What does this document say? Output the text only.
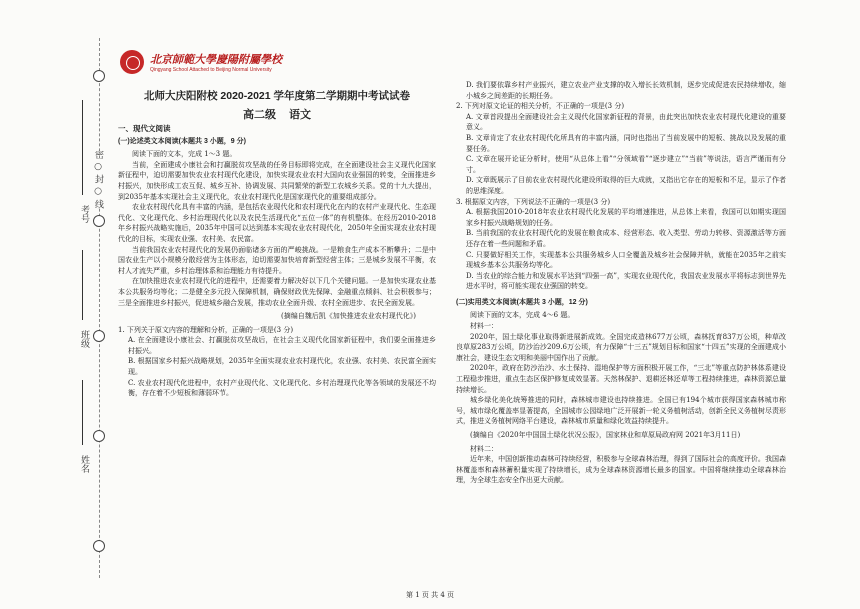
密 ○ 封 ○ 线
考号
班级
姓名
北京師範大學慶陽附屬學校
Qingyang School Attached to Beijing Normal University
北师大庆阳附校 2020-2021 学年度第二学期期中考试试卷
高二级 语文
一、现代文阅读
(一)论述类文本阅读(本题共 3 小题，9 分)

阅读下面的文本，完成 1～3 题。

当前，全面建成小康社会和打赢脱贫攻坚战的任务目标即将完成，在全面建设社会主义现代化国家新征程中，迫切需要加快农业农村现代化建设，加快实现农业农村大国向农业强国的转变，全面推进乡村振兴，加快形成工农互促、城乡互补、协调发展、共同繁荣的新型工农城乡关系。党的十九大提出，到2035年基本实现社会主义现代化，农业农村现代化是国家现代化的重要组成部分。

农业农村现代化具有丰富的内涵，是包括农业现代化和农村现代化在内的农村产业现代化、生态现代化、文化现代化、乡村治理现代化以及农民生活现代化“五位一体”的有机整体。在经历2010-2018年乡村振兴战略实施后，2035年中国可以达到基本实现农业农村现代化，2050年全面实现农业农村现代化的目标，实现农业强、农村美、农民富。

当前我国农业农村现代化的发展仍面临诸多方面的严峻挑战。一是粮食生产成本不断攀升；二是中国农业生产以小规模分散经营为主体形态，迫切需要加快培育新型经营主体；三是城乡发展不平衡，农村人才流失严重，乡村治理体系和治理能力有待提升。

在加快推进农业农村现代化的进程中，还需要着力解决好以下几个关键问题。一是加快实现农业基本公共服务均等化；二是健全多元投入保障机制，确保财政优先保障、金融重点倾斜、社会积极参与；三是全面推进乡村振兴，促进城乡融合发展，推动农业全面升级、农村全面进步、农民全面发展。

(摘编自魏后凯《加快推进农业农村现代化》)

1. 下列关于原文内容的理解和分析，正确的一项是(3 分)

A. 在全面建设小康社会、打赢脱贫攻坚战后，在社会主义现代化国家新征程中，我们要全面推进乡村振兴。

B. 根据国家乡村振兴战略规划，2035年全面实现农业农村现代化，农业强、农村美、农民富全面实现。

C. 农业农村现代化进程中，农村产业现代化、文化现代化、乡村治理现代化等各领域的发展还不均衡，存在着不少短板和薄弱环节。

D. 我们要依靠乡村产业振兴，建立农业产业支撑的收入增长长效机制，逐步完成促进农民持续增收，缩小城乡之间差距的长期任务。

2. 下列对原文论证的相关分析，不正确的一项是(3 分)

A. 文章首段提出全面建设社会主义现代化国家新征程的背景，由此突出加快农业农村现代化建设的重要意义。

B. 文章肯定了农业农村现代化所具有的丰富内涵，同时也指出了当前发展中的短板、挑战以及发展的重要任务。

C. 文章在展开论证分析时，使用“从总体上看”“分领域看”“逐步建立”“当前”等说法，语言严谨而有分寸。

D. 文章既展示了目前农业农村现代化建设所取得的巨大成就，又指出它存在的短板和不足，显示了作者的思维深度。

3. 根据原文内容，下列说法不正确的一项是(3 分)

A. 根据我国2010-2018年农业农村现代化发展的平均增速推进，从总体上来看，我国可以如期实现国家乡村振兴战略规划的任务。

B. 当前我国的农业农村现代化的发展在粮食成本、经营形态、收入类型、劳动力转移、资源激活等方面还存在着一些问题和矛盾。

C. 只要做好相关工作，实现基本公共服务城乡人口全覆盖及城乡社会保障并轨，就能在2035年之前实现城乡基本公共服务均等化。

D. 当农业的综合能力和发展水平达到“四强一高”，实现农业现代化，我国农业发展水平将标志到世界先进水平时，将可能实现农业强国的转变。

(二)实用类文本阅读(本题共 3 小题，12 分)

阅读下面的文本，完成 4～6 题。

材料一：

2020年，国土绿化事业取得新进展新成效。全国完成造林677万公顷，森林抚育837万公顷，种草改良草原283万公顷，防沙治沙209.6万公顷，有力保障“十三五”规划目标和国家“十四五”实现的全面建成小康社会，建设生态文明和美丽中国作出了贡献。

2020年，政府在防沙治沙、水土保持、湿地保护等方面积极开展工作，“三北”等重点防护林体系建设工程稳步推进，重点生态区保护修复成效显著。天然林保护、退耕还林还草等工程持续推进，森林资源总量持续增长。

城乡绿化美化统筹推进的同时，森林城市建设也持续推进。全国已有194个城市获得国家森林城市称号，城市绿化覆盖率显著提高，全国城市公园绿地广泛开展新一轮义务植树活动，创新全民义务植树尽责形式，推进义务植树网络平台建设，森林城市质量和绿化效益持续提升。

(摘编自《2020年中国国土绿化状况公报》，国家林业和草原局政府网 2021年3月11日)

材料二：

近年来，中国创新推动森林可持续经营，积极参与全球森林治理，得到了国际社会的高度评价。我国森林覆盖率和森林蓄积量实现了持续增长，成为全球森林资源增长最多的国家。中国将继续推动全球森林治理，为全球生态安全作出更大贡献。

第 1 页 共 4 页
